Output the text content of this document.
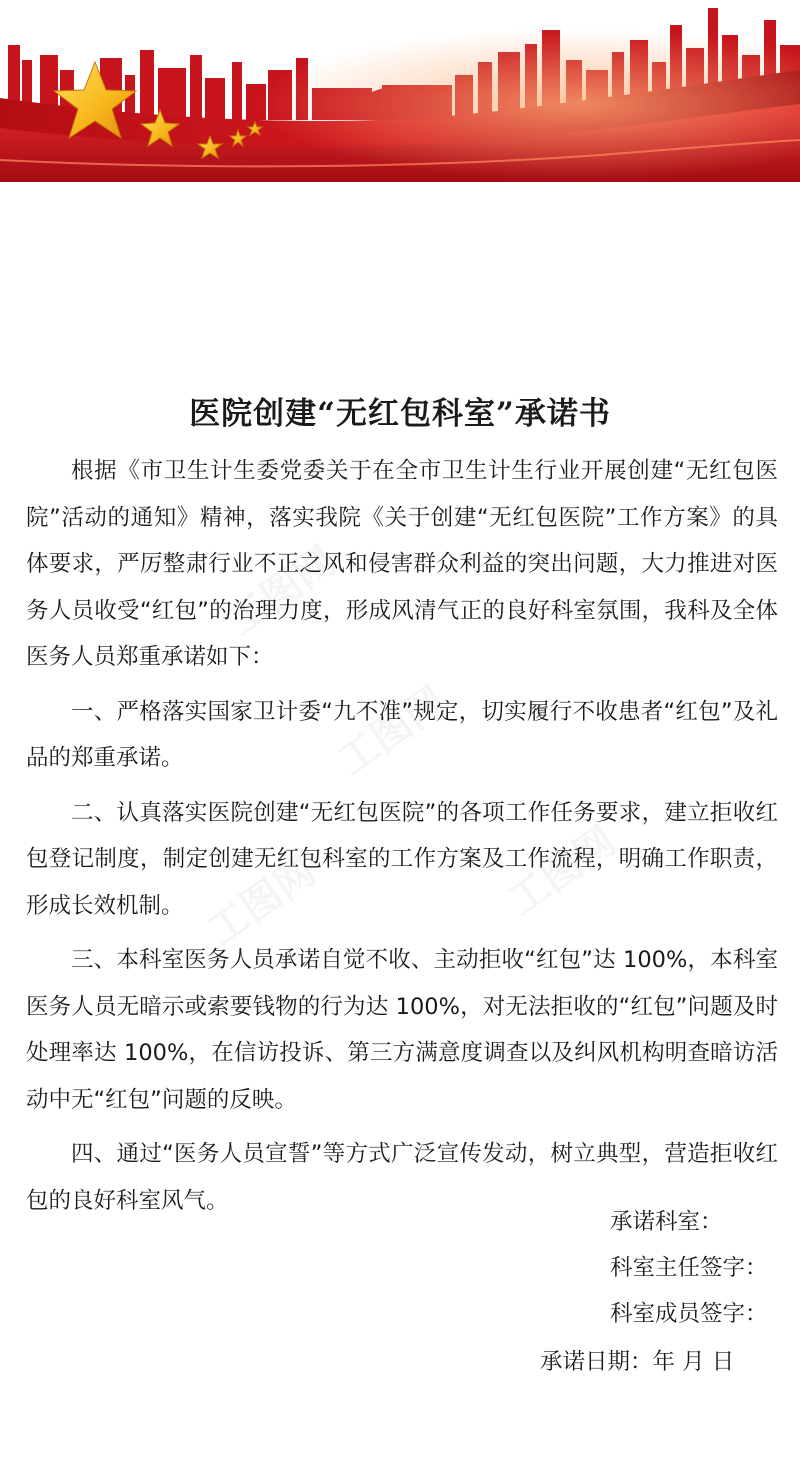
医院创建“无红包科室”承诺书

根据《市卫生计生委党委关于在全市卫生计生行业开展创建“无红包医院”活动的通知》精神，落实我院《关于创建“无红包医院”工作方案》的具体要求，严厉整肃行业不正之风和侵害群众利益的突出问题，大力推进对医务人员收受“红包”的治理力度，形成风清气正的良好科室氛围，我科及全体医务人员郑重承诺如下：

一、严格落实国家卫计委“九不准”规定，切实履行不收患者“红包”及礼品的郑重承诺。

二、认真落实医院创建“无红包医院”的各项工作任务要求，建立拒收红包登记制度，制定创建无红包科室的工作方案及工作流程，明确工作职责，形成长效机制。

三、本科室医务人员承诺自觉不收、主动拒收“红包”达 100%，本科室医务人员无暗示或索要钱物的行为达 100%，对无法拒收的“红包”问题及时处理率达 100%，在信访投诉、第三方满意度调查以及纠风机构明查暗访活动中无“红包”问题的反映。

四、通过“医务人员宣誓”等方式广泛宣传发动，树立典型，营造拒收红包的良好科室风气。

承诺科室：
科室主任签字：
科室成员签字：
承诺日期：年 月 日
